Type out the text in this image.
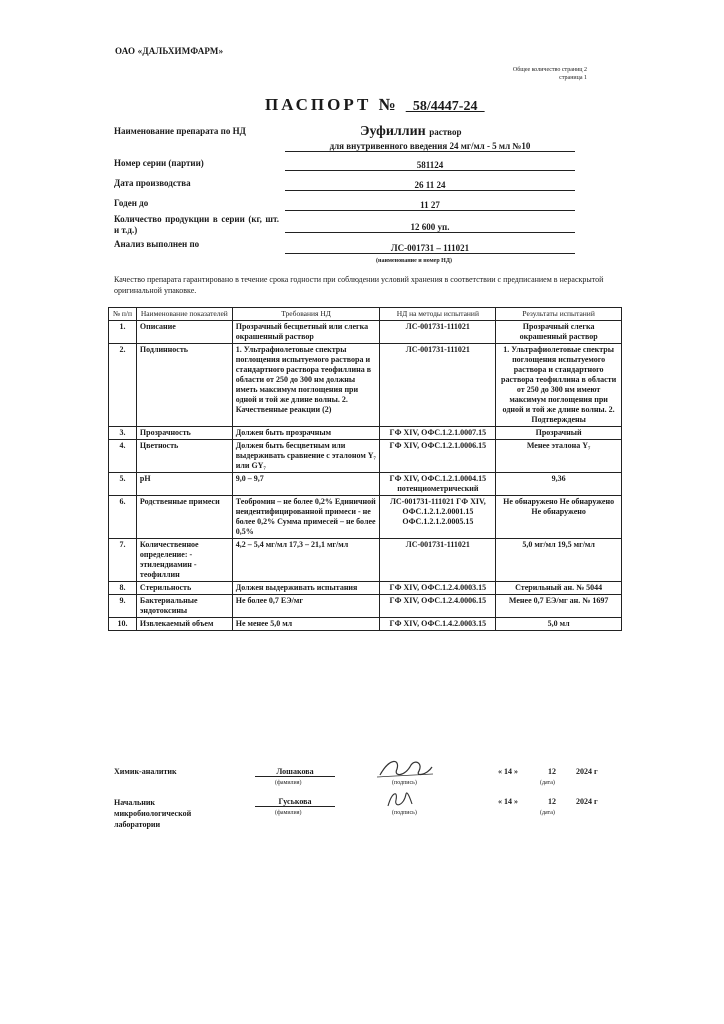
ОАО «ДАЛЬХИМФАРМ»
Общее количество страниц 2
страница 1
ПАСПОРТ № _58/4447-24_
Наименование препарата по НД	Эуфиллин раствор
для внутривенного введения 24 мг/мл - 5 мл №10
Номер серии (партии)	581124
Дата производства	26 11 24
Годен до	11 27
Количество продукции в серии (кг, шт. и т.д.)	12 600 уп.
Анализ выполнен по	ЛС-001731 – 111021
(наименование и номер НД)
Качество препарата гарантировано в течение срока годности при соблюдении условий хранения в соответствии с предписанием в нераскрытой оригинальной упаковке.
№ п/п	Наименование показателей	Требования НД	НД на методы испытаний	Результаты испытаний
1.	Описание	Прозрачный бесцветный или слегка окрашенный раствор	ЛС-001731-111021	Прозрачный слегка окрашенный раствор
2.	Подлинность	1. Ультрафиолетовые спектры поглощения испытуемого раствора и стандартного раствора теофиллина в области от 250 до 300 нм должны иметь максимум поглощения при одной и той же длине волны. 2. Качественные реакции (2)	ЛС-001731-111021	1. Ультрафиолетовые спектры поглощения испытуемого раствора и стандартного раствора теофиллина в области от 250 до 300 нм имеют максимум поглощения при одной и той же длине волны. 2. Подтверждены
3.	Прозрачность	Должен быть прозрачным	ГФ XIV, ОФС.1.2.1.0007.15	Прозрачный
4.	Цветность	Должен быть бесцветным или выдерживать сравнение с эталоном Y₇ или GY₇	ГФ XIV, ОФС.1.2.1.0006.15	Менее эталона Y₇
5.	pH	9,0 – 9,7	ГФ XIV, ОФС.1.2.1.0004.15 потенциометрический	9,36
6.	Родственные примеси	Теобромин – не более 0,2% Единичной неидентифицированной примеси - не более 0,2% Сумма примесей – не более 0,5%	ЛС-001731-111021 ГФ XIV, ОФС.1.2.1.2.0001.15 ОФС.1.2.1.2.0005.15	Не обнаружено Не обнаружено Не обнаружено
7.	Количественное определение: - этилендиамин - теофиллин	4,2 – 5,4 мг/мл 17,3 – 21,1 мг/мл	ЛС-001731-111021	5,0 мг/мл 19,5 мг/мл
8.	Стерильность	Должен выдерживать испытания	ГФ XIV, ОФС.1.2.4.0003.15	Стерильный ан. № 5044
9.	Бактериальные эндотоксины	Не более 0,7 ЕЭ/мг	ГФ XIV, ОФС.1.2.4.0006.15	Менее 0,7 ЕЭ/мг ан. № 1697
10.	Извлекаемый объем	Не менее 5,0 мл	ГФ XIV, ОФС.1.4.2.0003.15	5,0 мл
Химик-аналитик	Лошакова
(фамилия)	(подпись)
« 14 »	12	2024 г
(дата)
Начальник микробиологической лаборатории
Гуськова
(фамилия)	(подпись)
« 14 »	12	2024 г
(дата)
